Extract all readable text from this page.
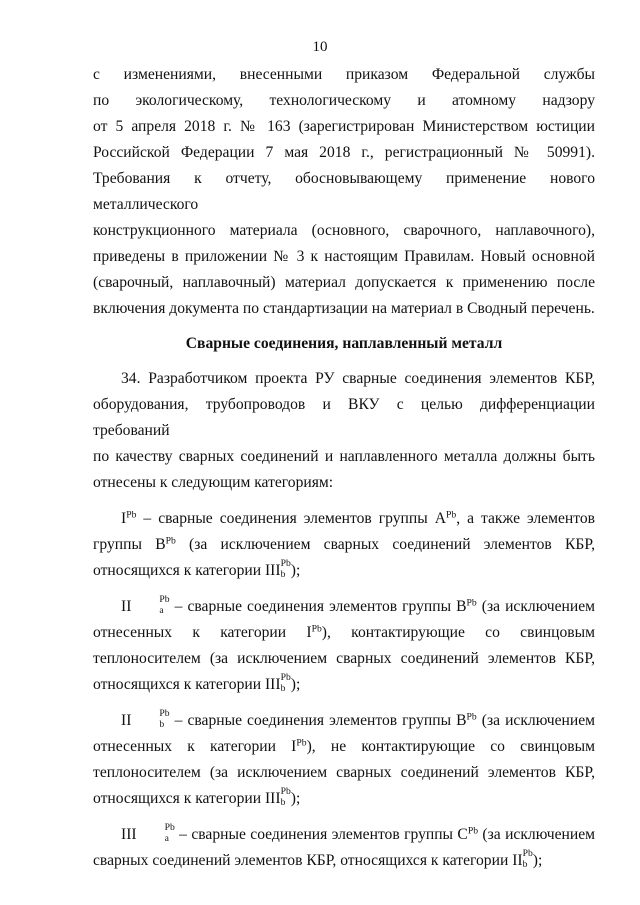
10
с изменениями, внесенными приказом Федеральной службы
по экологическому, технологическому и атомному надзору
от 5 апреля 2018 г. № 163 (зарегистрирован Министерством юстиции
Российской Федерации 7 мая 2018 г., регистрационный № 50991).
Требования к отчету, обосновывающему применение нового металлического
конструкционного материала (основного, сварочного, наплавочного),
приведены в приложении № 3 к настоящим Правилам. Новый основной
(сварочный, наплавочный) материал допускается к применению после
включения документа по стандартизации на материал в Сводный перечень.
Сварные соединения, наплавленный металл
34. Разработчиком проекта РУ сварные соединения элементов КБР,
оборудования, трубопроводов и ВКУ с целью дифференциации требований
по качеству сварных соединений и наплавленного металла должны быть
отнесены к следующим категориям:
$I^{Pb}$ – сварные соединения элементов группы $A^{Pb}$, а также элементов
группы $B^{Pb}$ (за исключением сварных соединений элементов КБР,
относящихся к категории III Pb
b );
II	Pb
a – сварные соединения элементов группы $B^{Pb}$ (за исключением
отнесенных к категории $I^{Pb}$), контактирующие со свинцовым
теплоносителем (за исключением сварных соединений элементов КБР,
относящихся к категории III Pb
b );
II	Pb
b – сварные соединения элементов группы $B^{Pb}$ (за исключением
отнесенных к категории $I^{Pb}$), не контактирующие со свинцовым
теплоносителем (за исключением сварных соединений элементов КБР,
относящихся к категории III Pb
b );
III	Pb
a – сварные соединения элементов группы $C^{Pb}$ (за исключением
сварных соединений элементов КБР, относящихся к категории II Pb
b );
